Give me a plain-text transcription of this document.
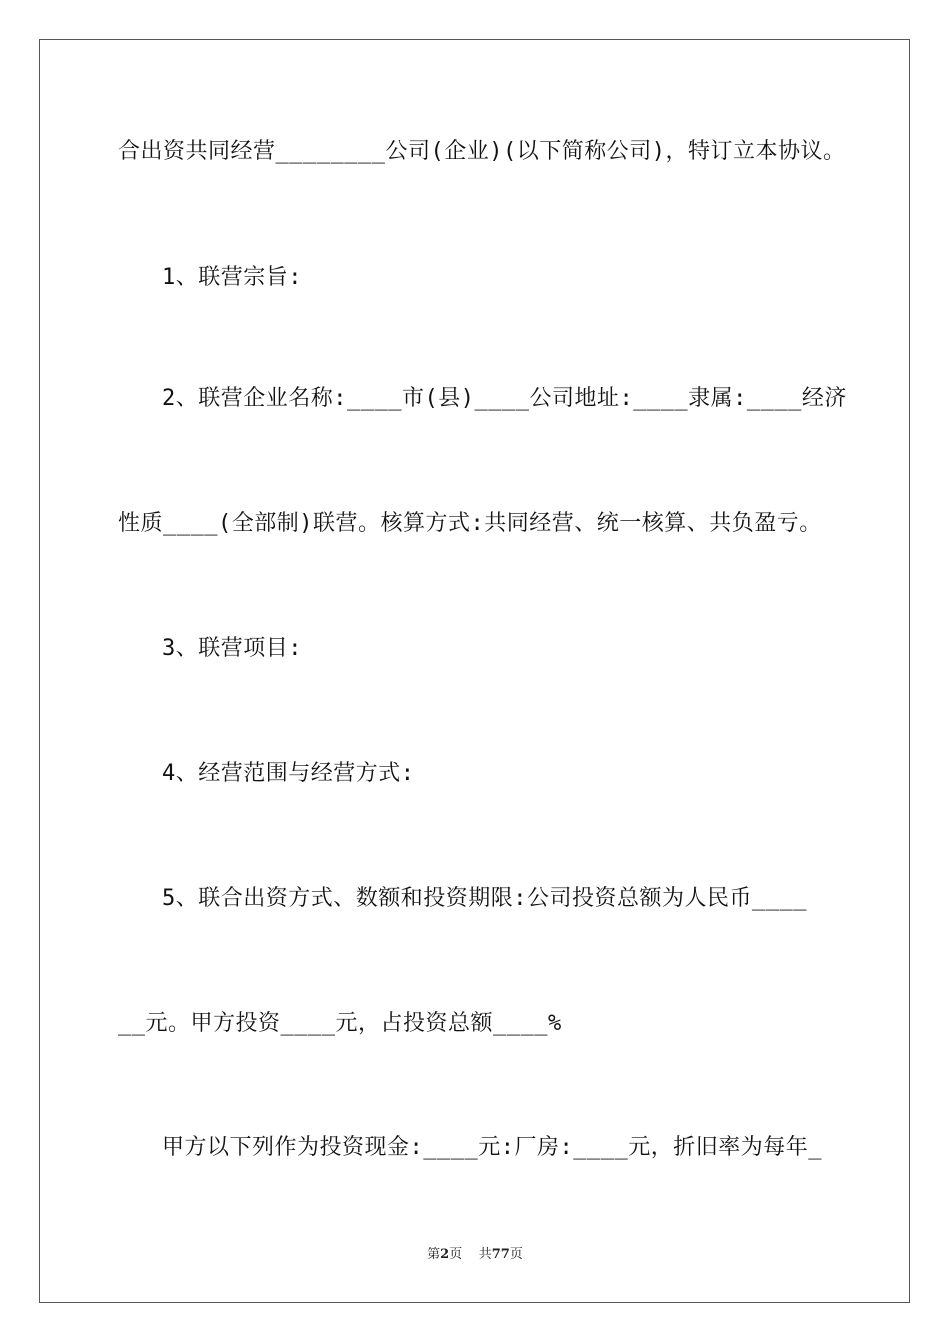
合出资共同经营________公司(企业)(以下简称公司)，特订立本协议。
1、联营宗旨:
2、联营企业名称:____市(县)____公司地址:____隶属:____经济
性质____(全部制)联营。核算方式:共同经营、统一核算、共负盈亏。
3、联营项目:
4、经营范围与经营方式:
5、联合出资方式、数额和投资期限:公司投资总额为人民币____
__元。甲方投资____元，占投资总额____%
甲方以下列作为投资现金:____元:厂房:____元，折旧率为每年_
第2页 共77页
